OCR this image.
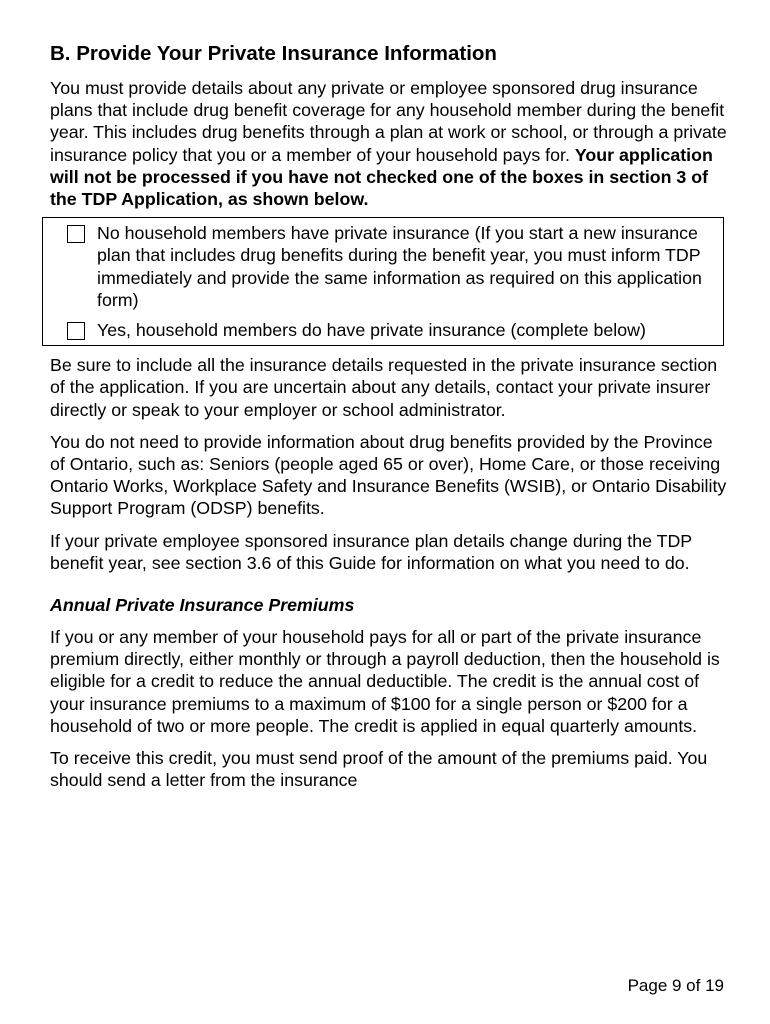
B. Provide Your Private Insurance Information

You must provide details about any private or employee sponsored drug insurance plans that include drug benefit coverage for any household member during the benefit year. This includes drug benefits through a plan at work or school, or through a private insurance policy that you or a member of your household pays for. Your application will not be processed if you have not checked one of the boxes in section 3 of the TDP Application, as shown below.

No household members have private insurance (If you start a new insurance plan that includes drug benefits during the benefit year, you must inform TDP immediately and provide the same information as required on this application form)
Yes, household members do have private insurance (complete below)

Be sure to include all the insurance details requested in the private insurance section of the application. If you are uncertain about any details, contact your private insurer directly or speak to your employer or school administrator.

You do not need to provide information about drug benefits provided by the Province of Ontario, such as: Seniors (people aged 65 or over), Home Care, or those receiving Ontario Works, Workplace Safety and Insurance Benefits (WSIB), or Ontario Disability Support Program (ODSP) benefits.

If your private employee sponsored insurance plan details change during the TDP benefit year, see section 3.6 of this Guide for information on what you need to do.

Annual Private Insurance Premiums

If you or any member of your household pays for all or part of the private insurance premium directly, either monthly or through a payroll deduction, then the household is eligible for a credit to reduce the annual deductible. The credit is the annual cost of your insurance premiums to a maximum of $100 for a single person or $200 for a household of two or more people. The credit is applied in equal quarterly amounts.

To receive this credit, you must send proof of the amount of the premiums paid. You should send a letter from the insurance

Page 9 of 19
